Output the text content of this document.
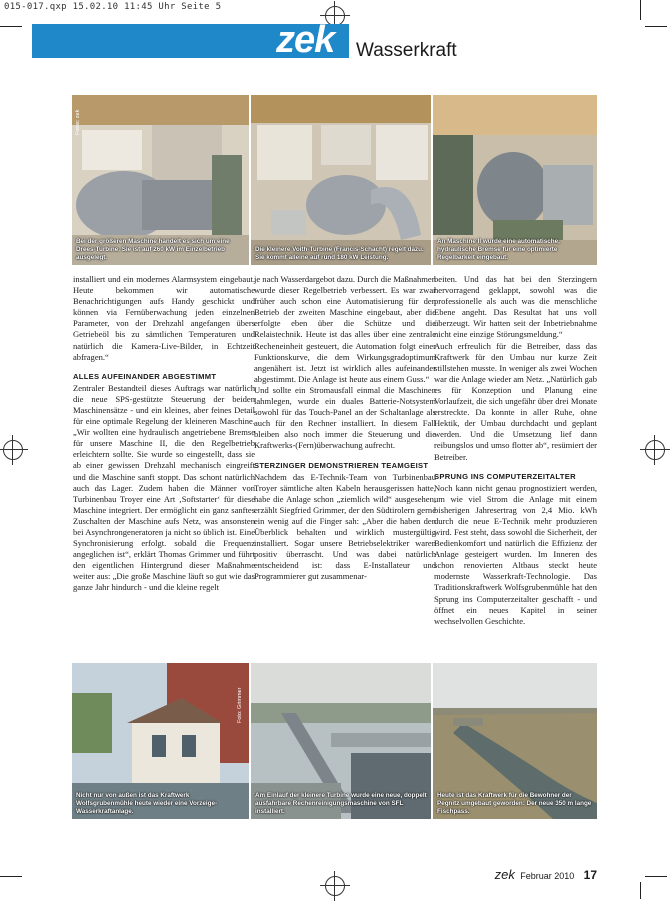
015-017.qxp 15.02.10 11:45 Uhr Seite 5
zek Wasserkraft
Fotos: zek
Bei der größeren Maschine handelt es sich um eine Drees-Turbine. Sie ist auf 260 kW im Einzelbetrieb ausgelegt.
Die kleinere Voith-Turbine (Francis-Schacht) regelt dazu. Sie kommt alleine auf rund 180 kW Leistung.
An Maschine II wurde eine automatische, hydraulische Bremse für eine optimierte Regelbarkeit eingebaut.

installiert und ein modernes Alarmsystem eingebaut. Heute bekommen wir automatische Benachrichtigungen aufs Handy geschickt und können via Fernüberwachung jeden einzelnen Parameter, von der Drehzahl angefangen übers Getriebeöl bis zu sämtlichen Temperaturen und natürlich die Kamera-Live-Bilder, in Echtzeit abfragen.“

ALLES AUFEINANDER ABGESTIMMT

Zentraler Bestandteil dieses Auftrags war natürlich die neue SPS-gestützte Steuerung der beiden Maschinensätze - und ein kleines, aber feines Detail für eine optimale Regelung der kleineren Maschine. „Wir wollten eine hydraulisch angetriebene Bremse für unsere Maschine II, die den Regelbetrieb erleichtern sollte. Sie wurde so eingestellt, dass sie ab einer gewissen Drehzahl mechanisch eingreift und die Maschine sanft stoppt. Das schont natürlich auch das Lager. Zudem haben die Männer von Turbinenbau Troyer eine Art ‚Softstarter‘ für diese Maschine integriert. Der ermöglicht ein ganz sanftes Zuschalten der Maschine aufs Netz, was ansonsten bei Asynchrongeneratoren ja nicht so üblich ist. Eine Synchronisierung erfolgt. sobald die Frequenz angeglichen ist“, erklärt Thomas Grimmer und führt den eigentlichen Hintergrund dieser Maßnahme weiter aus: „Die große Maschine läuft so gut wie das ganze Jahr hindurch - und die kleine regelt

je nach Wasserdargebot dazu. Durch die Maßnahmen wurde dieser Regelbetrieb verbessert. Es war zwar früher auch schon eine Automatisierung für den Betrieb der zweiten Maschine eingebaut, aber die erfolgte eben über die Schütze und die Relaistechnik. Heute ist das alles über eine zentrale Recheneinheit gesteuert, die Automation folgt einer Funktionskurve, die dem Wirkungsgradoptimum angenähert ist. Jetzt ist wirklich alles aufeinander abgestimmt. Die Anlage ist heute aus einem Guss.“

Und sollte ein Stromausfall einmal die Maschinen lahmlegen, wurde ein duales Batterie-Notsystem sowohl für das Touch-Panel an der Schaltanlage als auch für den Rechner installiert. In diesem Fall bleiben also noch immer die Steuerung und die Kraftwerks-(Fern)überwachung aufrecht.

STERZINGER DEMONSTRIEREN TEAMGEIST

Nachdem das E-Technik-Team von Turbinenbau Troyer sämtliche alten Kabeln herausgerissen hatte, habe die Anlage schon „ziemlich wild“ ausgesehen, erzählt Siegfried Grimmer, der den Südtirolern gerne ein wenig auf die Finger sah: „Aber die haben den Überblick behalten und wirklich mustergültig installiert. Sogar unsere Betriebselektriker waren positiv überrascht. Und was dabei natürlich entscheidend ist: dass E-Installateur und Programmierer gut zusammenar-

beiten. Und das hat bei den Sterzingern hervorragend geklappt, sowohl was die professionelle als auch was die menschliche Ebene angeht. Das Resultat hat uns voll überzeugt. Wir hatten seit der Inbetriebnahme nicht eine einzige Störungsmeldung.“

Auch erfreulich für die Betreiber, dass das Kraftwerk für den Umbau nur kurze Zeit stillstehen musste. In weniger als zwei Wochen war die Anlage wieder am Netz. „Natürlich gab es für Konzeption und Planung eine Vorlaufzeit, die sich ungefähr über drei Monate erstreckte. Da konnte in aller Ruhe, ohne Hektik, der Umbau durchdacht und geplant werden. Und die Umsetzung lief dann reibungslos und umso flotter ab“, resümiert der Betreiber.

SPRUNG INS COMPUTERZEITALTER

Noch kann nicht genau prognostiziert werden, um wie viel Strom die Anlage mit einem bisherigen Jahresertrag von 2,4 Mio. kWh durch die neue E-Technik mehr produzieren wird. Fest steht, dass sowohl die Sicherheit, der Bedienkomfort und natürlich die Effizienz der Anlage gesteigert wurden. Im Inneren des schon renovierten Altbaus steckt heute modernste Wasserkraft-Technologie. Das Traditionskraftwerk Wolfsgrubenmühle hat den Sprung ins Computerzeitalter geschafft - und öffnet ein neues Kapitel in seiner wechselvollen Geschichte.

Nicht nur von außen ist das Kraftwerk Wolfsgrubenmühle heute wieder eine Vorzeige-Wasserkraftanlage.
Foto: Grimmer
Am Einlauf der kleinere Turbine wurde eine neue, doppelt ausfahrbare Rechenreinigungsmaschine von SFL installiert.
Heute ist das Kraftwerk für die Bewohner der Pegnitz umgebaut geworden: Der neue 350 m lange Fischpass.
zek Februar 2010 17
